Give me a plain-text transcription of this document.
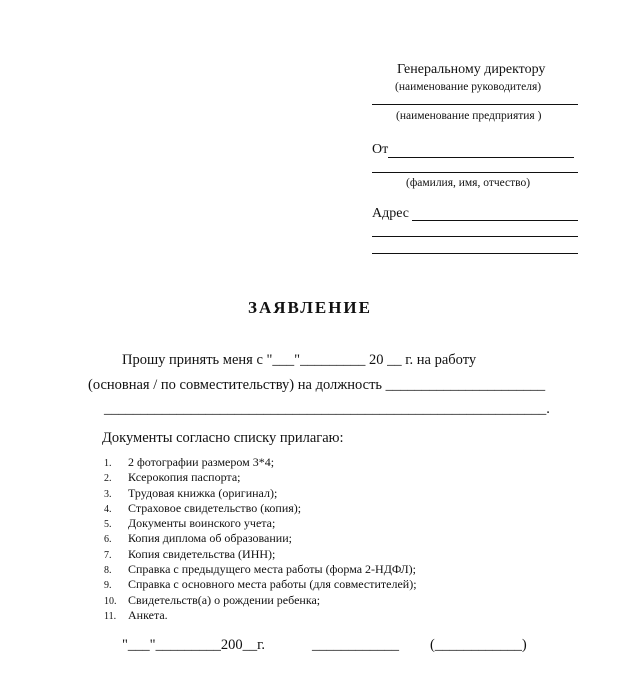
Генеральному директору
(наименование руководителя)
(наименование предприятия )
От
(фамилия, имя, отчество)
Адрес
ЗАЯВЛЕНИЕ
Прошу принять меня с "___"_________ 20 __ г. на работу
(основная / по совместительству) на должность ______________________
_____________________________________________________________.
Документы согласно списку прилагаю:
1. 2 фотографии размером 3*4;
2. Ксерокопия паспорта;
3. Трудовая книжка (оригинал);
4. Страховое свидетельство (копия);
5. Документы воинского учета;
6. Копия диплома об образовании;
7. Копия свидетельства (ИНН);
8. Справка с предыдущего места работы (форма 2-НДФЛ);
9. Справка с основного места работы (для совместителей);
10. Свидетельств(а) о рождении ребенка;
11. Анкета.
"___"_________200__г.	____________ (____________)
